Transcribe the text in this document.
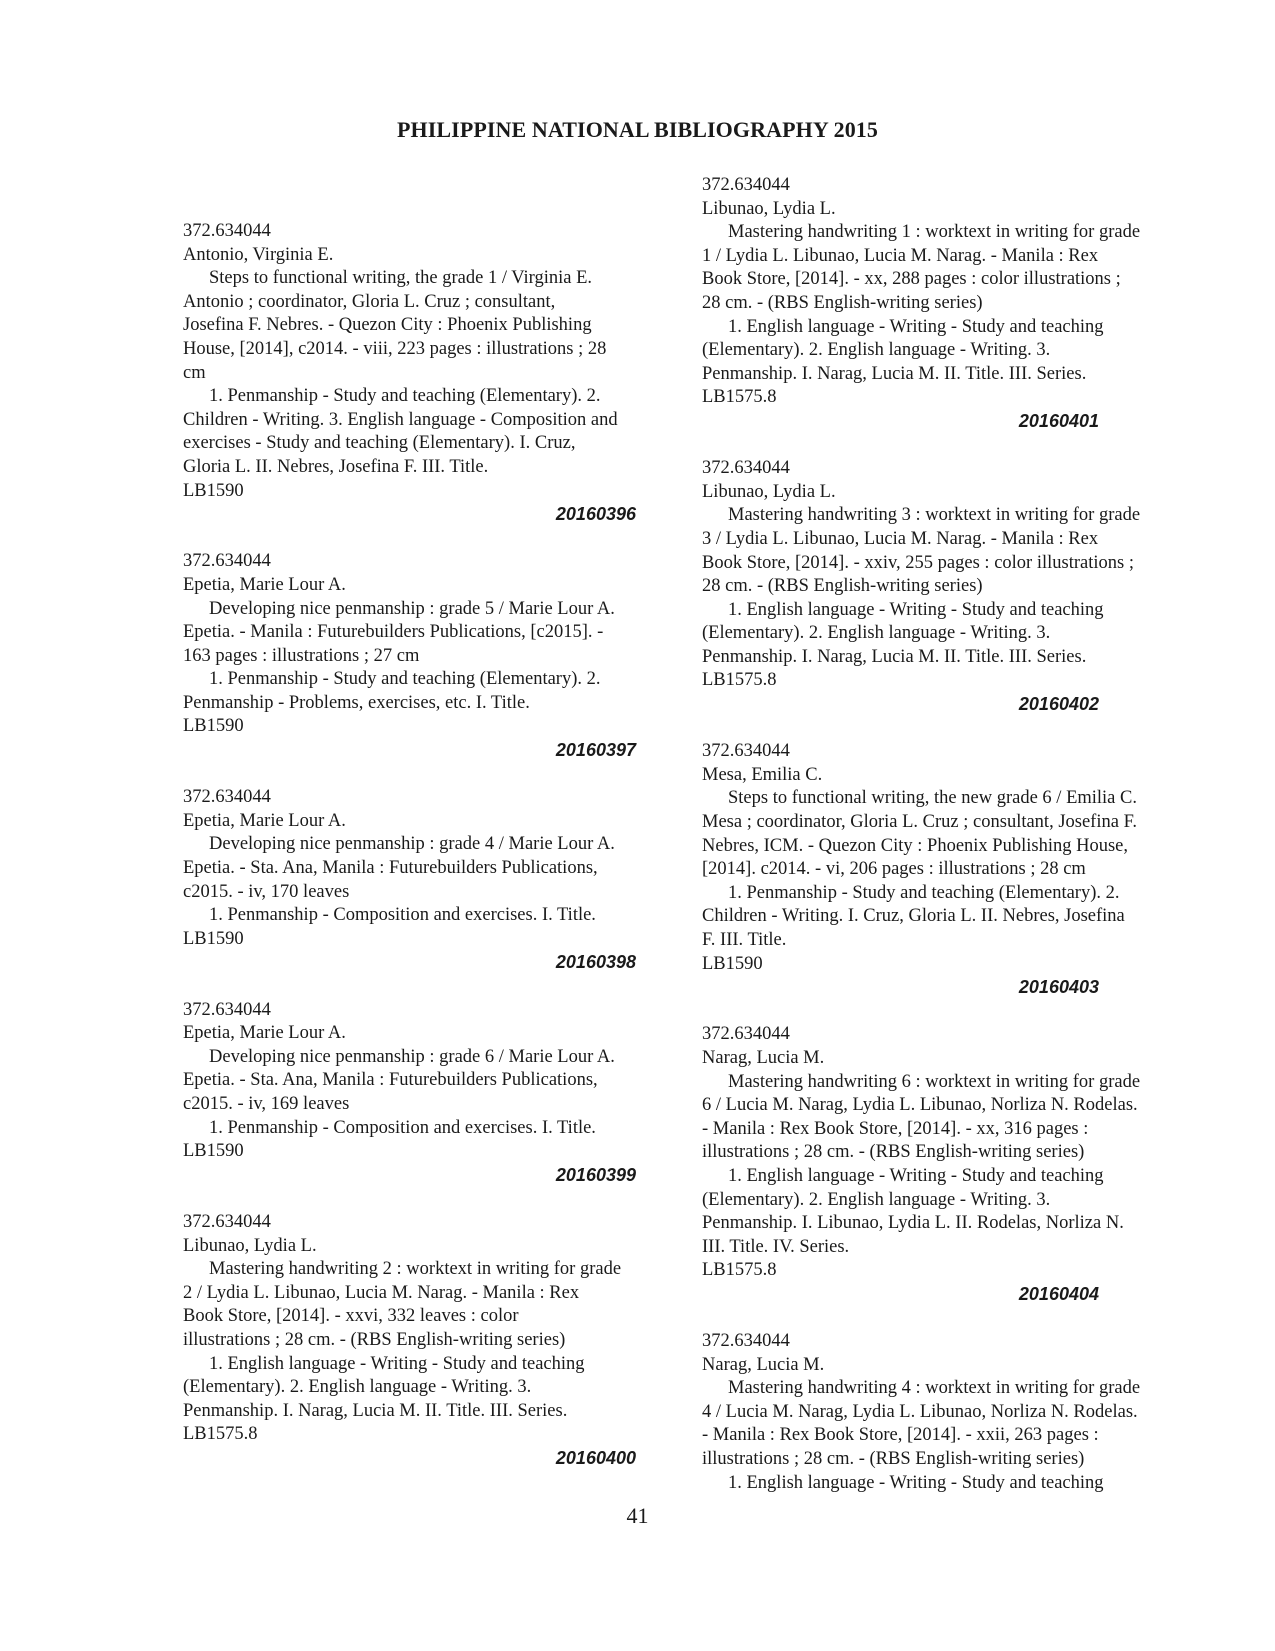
PHILIPPINE NATIONAL BIBLIOGRAPHY 2015
372.634044
Antonio, Virginia E.
Steps to functional writing, the grade 1 / Virginia E.
Antonio ; coordinator, Gloria L. Cruz ; consultant,
Josefina F. Nebres. - Quezon City : Phoenix Publishing
House, [2014], c2014. - viii, 223 pages : illustrations ; 28
cm
1. Penmanship - Study and teaching (Elementary). 2.
Children - Writing. 3. English language - Composition and
exercises - Study and teaching (Elementary). I. Cruz,
Gloria L. II. Nebres, Josefina F. III. Title.
LB1590
20160396
372.634044
Epetia, Marie Lour A.
Developing nice penmanship : grade 5 / Marie Lour A.
Epetia. - Manila : Futurebuilders Publications, [c2015]. -
163 pages : illustrations ; 27 cm
1. Penmanship - Study and teaching (Elementary). 2.
Penmanship - Problems, exercises, etc. I. Title.
LB1590
20160397
372.634044
Epetia, Marie Lour A.
Developing nice penmanship : grade 4 / Marie Lour A.
Epetia. - Sta. Ana, Manila : Futurebuilders Publications,
c2015. - iv, 170 leaves
1. Penmanship - Composition and exercises. I. Title.
LB1590
20160398
372.634044
Epetia, Marie Lour A.
Developing nice penmanship : grade 6 / Marie Lour A.
Epetia. - Sta. Ana, Manila : Futurebuilders Publications,
c2015. - iv, 169 leaves
1. Penmanship - Composition and exercises. I. Title.
LB1590
20160399
372.634044
Libunao, Lydia L.
Mastering handwriting 2 : worktext in writing for grade
2 / Lydia L. Libunao, Lucia M. Narag. - Manila : Rex
Book Store, [2014]. - xxvi, 332 leaves : color
illustrations ; 28 cm. - (RBS English-writing series)
1. English language - Writing - Study and teaching
(Elementary). 2. English language - Writing. 3.
Penmanship. I. Narag, Lucia M. II. Title. III. Series.
LB1575.8
20160400
372.634044
Libunao, Lydia L.
Mastering handwriting 1 : worktext in writing for grade
1 / Lydia L. Libunao, Lucia M. Narag. - Manila : Rex
Book Store, [2014]. - xx, 288 pages : color illustrations ;
28 cm. - (RBS English-writing series)
1. English language - Writing - Study and teaching
(Elementary). 2. English language - Writing. 3.
Penmanship. I. Narag, Lucia M. II. Title. III. Series.
LB1575.8
20160401
372.634044
Libunao, Lydia L.
Mastering handwriting 3 : worktext in writing for grade
3 / Lydia L. Libunao, Lucia M. Narag. - Manila : Rex
Book Store, [2014]. - xxiv, 255 pages : color illustrations ;
28 cm. - (RBS English-writing series)
1. English language - Writing - Study and teaching
(Elementary). 2. English language - Writing. 3.
Penmanship. I. Narag, Lucia M. II. Title. III. Series.
LB1575.8
20160402
372.634044
Mesa, Emilia C.
Steps to functional writing, the new grade 6 / Emilia C.
Mesa ; coordinator, Gloria L. Cruz ; consultant, Josefina F.
Nebres, ICM. - Quezon City : Phoenix Publishing House,
[2014]. c2014. - vi, 206 pages : illustrations ; 28 cm
1. Penmanship - Study and teaching (Elementary). 2.
Children - Writing. I. Cruz, Gloria L. II. Nebres, Josefina
F. III. Title.
LB1590
20160403
372.634044
Narag, Lucia M.
Mastering handwriting 6 : worktext in writing for grade
6 / Lucia M. Narag, Lydia L. Libunao, Norliza N. Rodelas.
- Manila : Rex Book Store, [2014]. - xx, 316 pages :
illustrations ; 28 cm. - (RBS English-writing series)
1. English language - Writing - Study and teaching
(Elementary). 2. English language - Writing. 3.
Penmanship. I. Libunao, Lydia L. II. Rodelas, Norliza N.
III. Title. IV. Series.
LB1575.8
20160404
372.634044
Narag, Lucia M.
Mastering handwriting 4 : worktext in writing for grade
4 / Lucia M. Narag, Lydia L. Libunao, Norliza N. Rodelas.
- Manila : Rex Book Store, [2014]. - xxii, 263 pages :
illustrations ; 28 cm. - (RBS English-writing series)
1. English language - Writing - Study and teaching
41
